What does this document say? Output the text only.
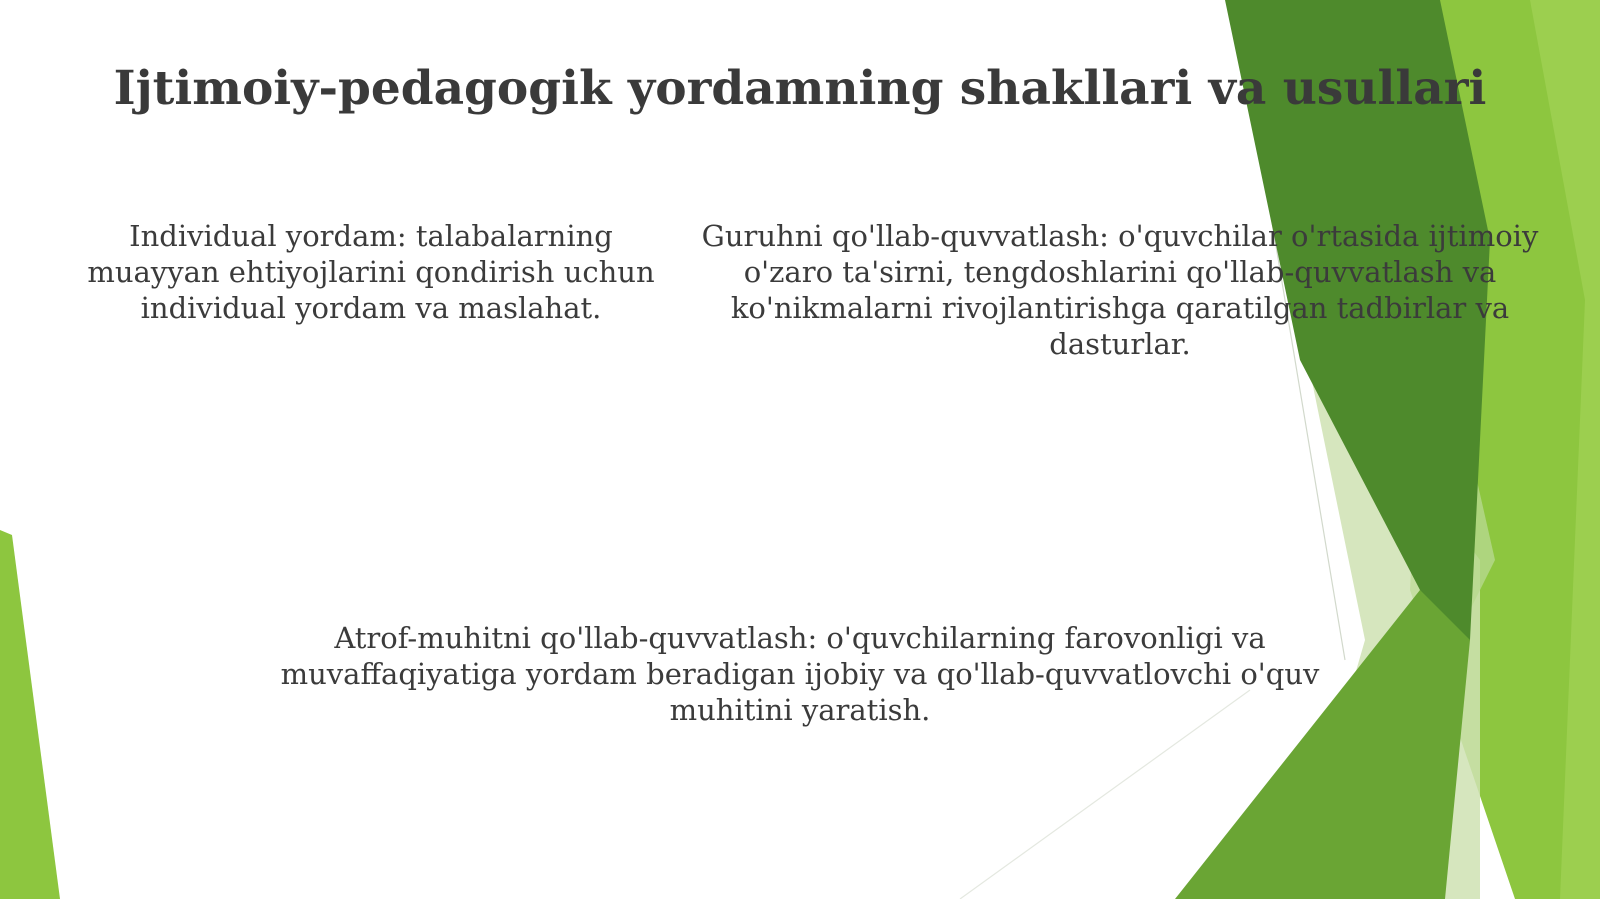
Ijtimoiy-pedagogik yordamning shakllari va usullari
Individual yordam: talabalarning muayyan ehtiyojlarini qondirish uchun individual yordam va maslahat.
Guruhni qo'llab-quvvatlash: o'quvchilar o'rtasida ijtimoiy o'zaro ta'sirni, tengdoshlarini qo'llab-quvvatlash va ko'nikmalarni rivojlantirishga qaratilgan tadbirlar va dasturlar.
Atrof-muhitni qo'llab-quvvatlash: o'quvchilarning farovonligi va muvaffaqiyatiga yordam beradigan ijobiy va qo'llab-quvvatlovchi o'quv muhitini yaratish.
